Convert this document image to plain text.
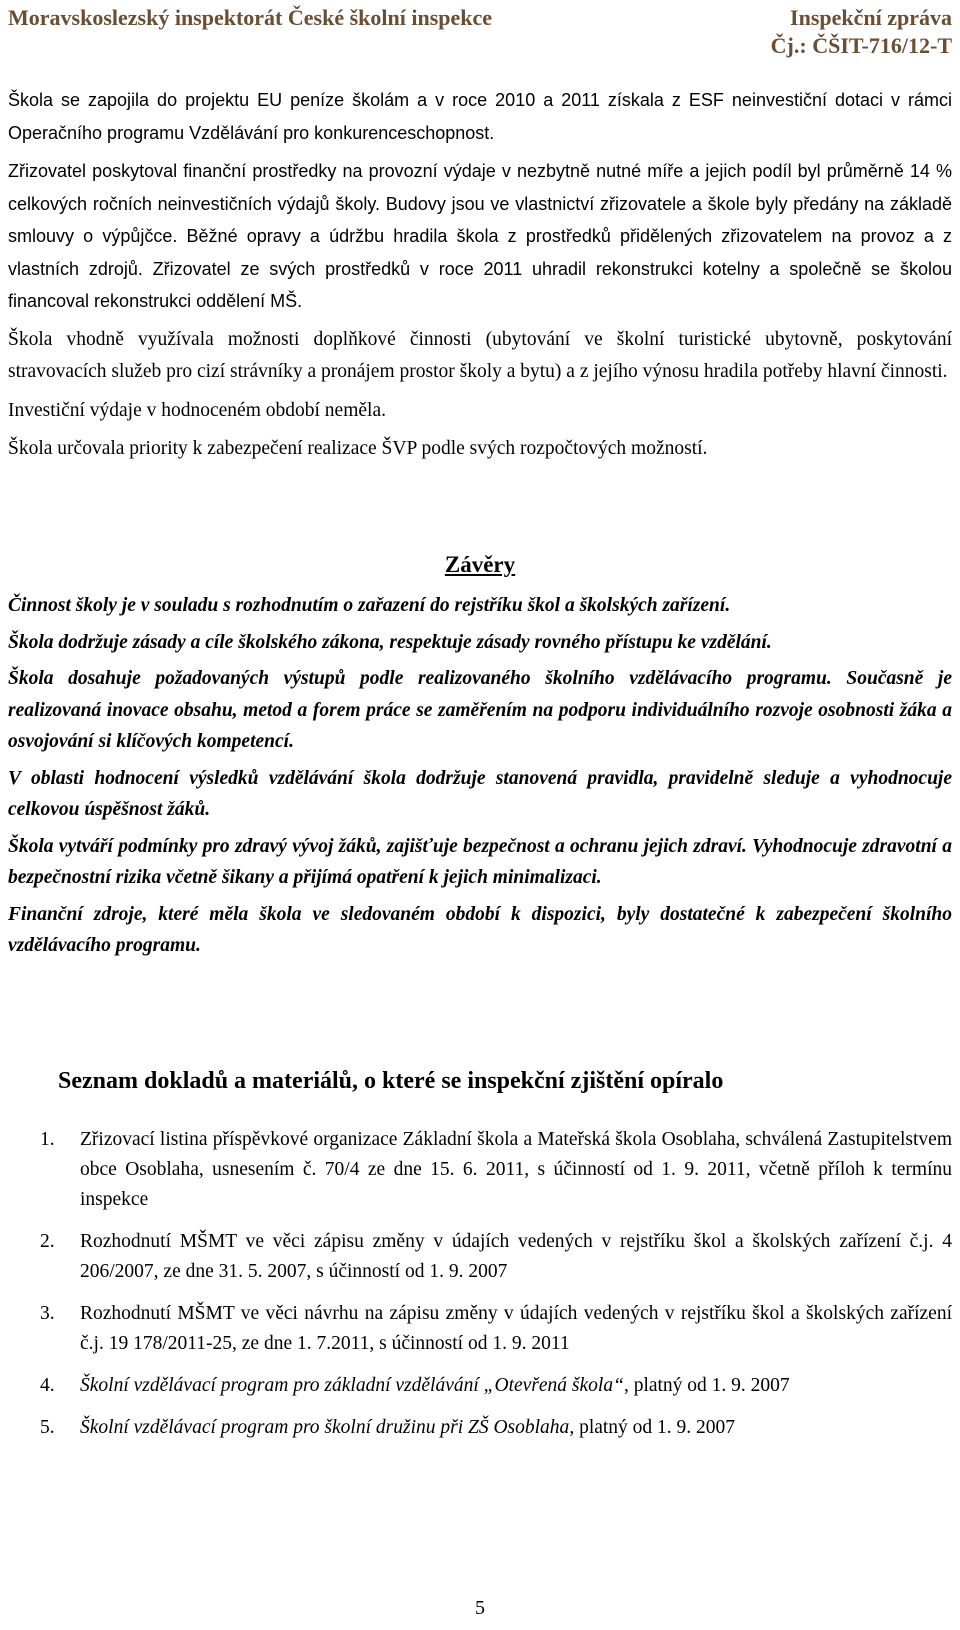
Moravskoslezský inspektorát České školní inspekce	Inspekční zpráva
Čj.: ČŠIT-716/12-T

Škola se zapojila do projektu EU peníze školám a v roce 2010 a 2011 získala z ESF neinvestiční dotaci v rámci Operačního programu Vzdělávání pro konkurenceschopnost.

Zřizovatel poskytoval finanční prostředky na provozní výdaje v nezbytně nutné míře a jejich podíl byl průměrně 14 % celkových ročních neinvestičních výdajů školy. Budovy jsou ve vlastnictví zřizovatele a škole byly předány na základě smlouvy o výpůjčce. Běžné opravy a údržbu hradila škola z prostředků přidělených zřizovatelem na provoz a z vlastních zdrojů. Zřizovatel ze svých prostředků v roce 2011 uhradil rekonstrukci kotelny a společně se školou financoval rekonstrukci oddělení MŠ.

Škola vhodně využívala možnosti doplňkové činnosti (ubytování ve školní turistické ubytovně, poskytování stravovacích služeb pro cizí strávníky a pronájem prostor školy a bytu) a z jejího výnosu hradila potřeby hlavní činnosti.

Investiční výdaje v hodnoceném období neměla.

Škola určovala priority k zabezpečení realizace ŠVP podle svých rozpočtových možností.

Závěry

Činnost školy je v souladu s rozhodnutím o zařazení do rejstříku škol a školských zařízení.

Škola dodržuje zásady a cíle školského zákona, respektuje zásady rovného přístupu ke vzdělání.

Škola dosahuje požadovaných výstupů podle realizovaného školního vzdělávacího programu. Současně je realizovaná inovace obsahu, metod a forem práce se zaměřením na podporu individuálního rozvoje osobnosti žáka a osvojování si klíčových kompetencí.

V oblasti hodnocení výsledků vzdělávání škola dodržuje stanovená pravidla, pravidelně sleduje a vyhodnocuje celkovou úspěšnost žáků.

Škola vytváří podmínky pro zdravý vývoj žáků, zajišťuje bezpečnost a ochranu jejich zdraví. Vyhodnocuje zdravotní a bezpečnostní rizika včetně šikany a přijímá opatření k jejich minimalizaci.

Finanční zdroje, které měla škola ve sledovaném období k dispozici, byly dostatečné k zabezpečení školního vzdělávacího programu.

Seznam dokladů a materiálů, o které se inspekční zjištění opíralo
1. Zřizovací listina příspěvkové organizace Základní škola a Mateřská škola Osoblaha, schválená Zastupitelstvem obce Osoblaha, usnesením č. 70/4 ze dne 15. 6. 2011, s účinností od 1. 9. 2011, včetně příloh k termínu inspekce
2. Rozhodnutí MŠMT ve věci zápisu změny v údajích vedených v rejstříku škol a školských zařízení č.j. 4 206/2007, ze dne 31. 5. 2007, s účinností od 1. 9. 2007
3. Rozhodnutí MŠMT ve věci návrhu na zápisu změny v údajích vedených v rejstříku škol a školských zařízení č.j. 19 178/2011-25, ze dne 1. 7.2011, s účinností od 1. 9. 2011
4. Školní vzdělávací program pro základní vzdělávání „Otevřená škola“, platný od 1. 9. 2007
5. Školní vzdělávací program pro školní družinu při ZŠ Osoblaha, platný od 1. 9. 2007
5
